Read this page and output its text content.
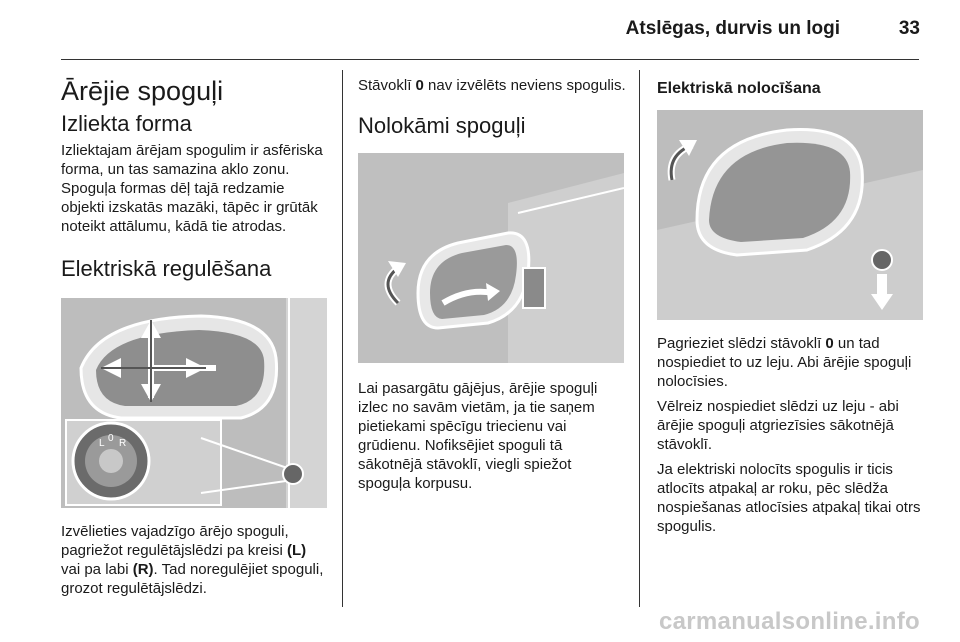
Atslēgas, durvis un logi	33
Ārējie spoguļi
Izliekta forma

Izliektajam ārējam spogulim ir asfēriska forma, un tas samazina aklo zonu. Spoguļa formas dēļ tajā redzamie objekti izskatās mazāki, tāpēc ir grūtāk noteikt attālumu, kādā tie atrodas.

Elektriskā regulēšana
L 0 R

Izvēlieties vajadzīgo ārējo spoguli, pagriežot regulētājslēdzi pa kreisi (L) vai pa labi (R). Tad noregulējiet spoguli, grozot regulētājslēdzi.

Stāvoklī 0 nav izvēlēts neviens spogulis.

Nolokāmi spoguļi

Lai pasargātu gājējus, ārējie spoguļi izlec no savām vietām, ja tie saņem pietiekami spēcīgu triecienu vai grūdienu. Nofiksējiet spoguli tā sākotnējā stāvoklī, viegli spiežot spoguļa korpusu.

Elektriskā nolocīšana

Pagrieziet slēdzi stāvoklī 0 un tad nospiediet to uz leju. Abi ārējie spoguļi nolocīsies.

Vēlreiz nospiediet slēdzi uz leju - abi ārējie spoguļi atgriezīsies sākotnējā stāvoklī.

Ja elektriski nolocīts spogulis ir ticis atlocīts atpakaļ ar roku, pēc slēdža nospiešanas atlocīsies atpakaļ tikai otrs spogulis.

carmanualsonline.info
